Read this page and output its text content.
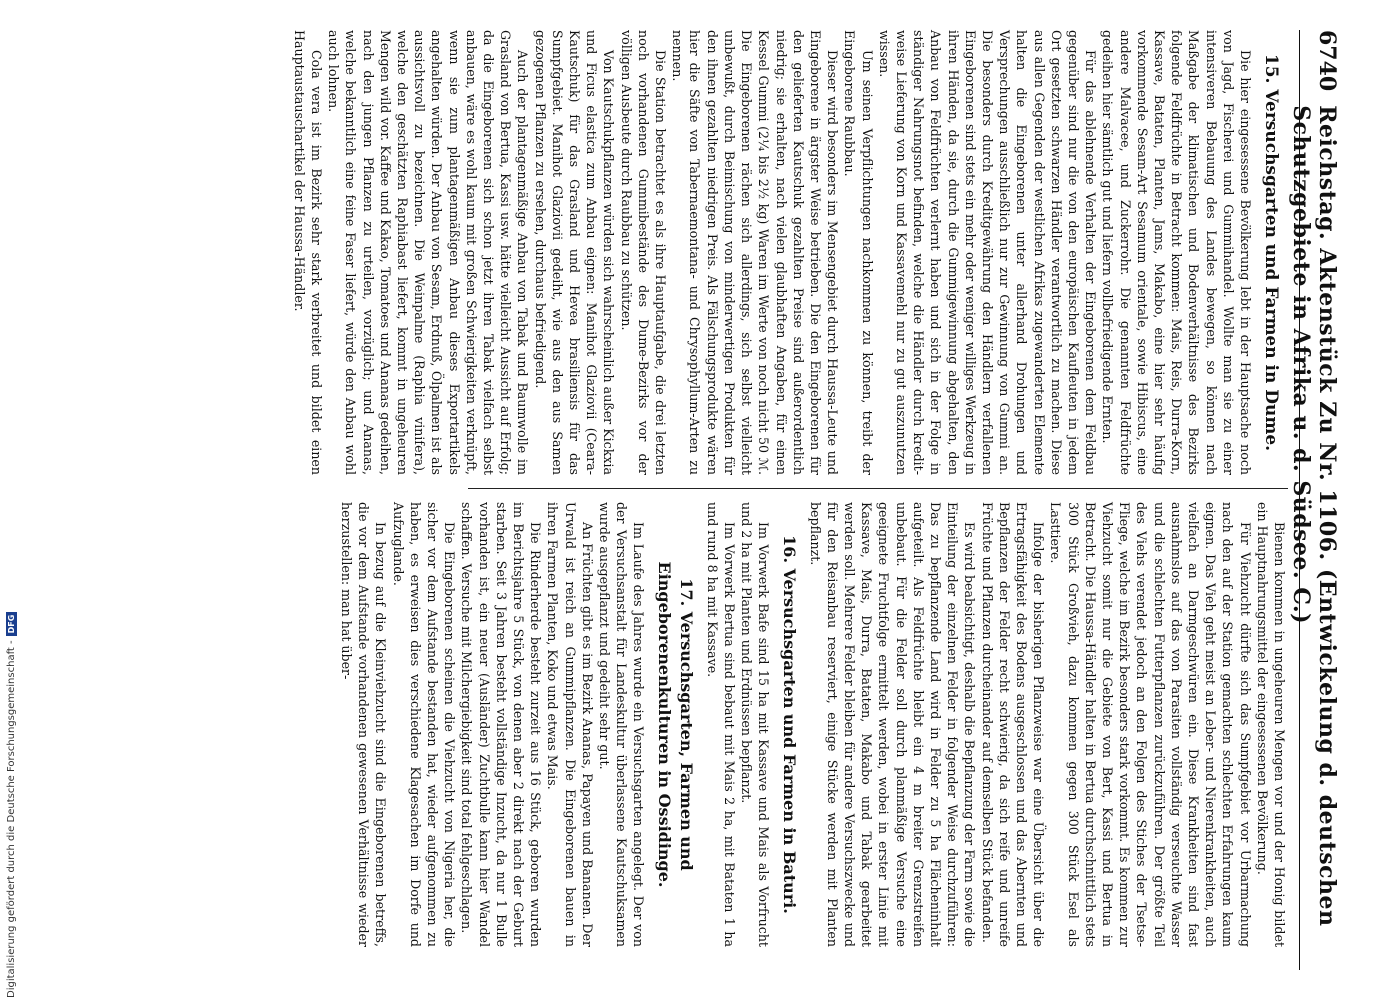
6740
Reichstag. Aktenstück Zu Nr. 1106. (Entwickelung d. deutschen Schutzgebiete in Afrika u. d. Südsee. C.)
15. Versuchsgarten und Farmen in Dume.

Die hier eingesessene Bevölkerung lebt in der Hauptsache noch von Jagd, Fischerei und Gummihandel. Wollte man sie zu einer intensiveren Bebauung des Landes bewegen, so können nach Maßgabe der klimatischen und Bodenverhältnisse des Bezirks folgende Feldfrüchte in Betracht kommen: Mais, Reis, Durra-Korn, Kassave, Bataten, Planten, Jams, Makabo, eine hier sehr häufig vorkommende Sesam-Art Sesamum orientale, sowie Hibiscus, eine andere Malvacee, und Zuckerrohr. Die genannten Feldfrüchte gedeihen hier sämtlich gut und liefern vollbefriedigende Ernten.

Für das ablehnende Verhalten der Eingeborenen dem Feldbau gegenüber sind nur die von den europäischen Kaufleuten in jedem Ort gesetzten schwarzen Händler verantwortlich zu machen. Diese aus allen Gegenden der westlichen Afrikas zugewanderten Elemente halten die Eingeborenen unter allerhand Drohungen und Versprechungen ausschließlich nur zur Gewinnung von Gummi an. Die besonders durch Kreditgewährung den Händlern verfallenen Eingeborenen sind stets ein mehr oder weniger williges Werkzeug in ihren Händen, da sie, durch die Gummigewinnung abgehalten, den Anbau von Feldfrüchten verlernt haben und sich in der Folge in ständiger Nahrungsnot befinden, welche die Händler durch kredit-weise Lieferung von Korn und Kassavemehl nur zu gut auszunutzen wissen.

Um seinen Verpflichtungen nachkommen zu können, treibt der Eingeborene Raubbau.

Dieser wird besonders im Mensengebiet durch Haussa-Leute und Eingeborene in ärgster Weise betrieben. Die den Eingeborenen für den gelieferten Kautschuk gezahlten Preise sind außerordentlich niedrig; sie erhalten, nach vielen glaubhaften Angaben, für einen Kessel Gummi (2¼ bis 2½ kg) Waren im Werte von noch nicht 50 ℳ. Die Eingeborenen rächen sich allerdings, sich selbst vielleicht unbewußt, durch Beimischung von minderwertigen Produkten für den ihnen gezahlten niedrigen Preis. Als Fälschungsprodukte wären hier die Säfte von Tabernaemontana- und Chrysophyllum-Arten zu nennen.

Die Station betrachtet es als ihre Hauptaufgabe, die drei letzten noch vorhandenen Gummibestände des Dume-Bezirks vor der völligen Ausbeute durch Raubbau zu schützen.

Von Kautschukpflanzen würden sich wahrscheinlich außer Kickxia und Ficus elastica zum Anbau eignen: Manihot Glaziovii (Ceara-Kautschuk) für das Grasland und Hevea brasiliensis für das Sumpfgebiet. Manihot Glaziovii gedeiht, wie aus den aus Samen gezogenen Pflanzen zu ersehen, durchaus befriedigend.

Auch der plantagenmäßige Anbau von Tabak und Baumwolle im Grasland von Bertua, Kassi usw. hätte vielleicht Aussicht auf Erfolg; da die Eingeborenen sich schon jetzt ihren Tabak vielfach selbst anbauen, wäre es wohl kaum mit großen Schwierigkeiten verknüpft, wenn sie zum plantagenmäßigen Anbau dieses Exportartikels angehalten würden. Der Anbau von Sesam, Erdnuß, Ölpalmen ist als aussichtsvoll zu bezeichnen. Die Weinpalme (Raphia vinifera), welche den geschätzten Raphiabast liefert, kommt in ungeheuren Mengen wild vor. Kaffee und Kakao, Tomatoes und Ananas gedeihen, nach den jungen Pflanzen zu urteilen, vorzüglich; und Ananas, welche bekanntlich eine feine Faser liefert, würde den Anbau wohl auch lohnen.

Cola vera ist im Bezirk sehr stark verbreitet und bildet einen Hauptaustauschartikel der Haussa-Händler.

Bienen kommen in ungeheuren Mengen vor und der Honig bildet ein Hauptnahrungsmittel der eingesessenen Bevölkerung.

Für Viehzucht dürfte sich das Sumpfgebiet vor Urbarmachung nach den auf der Station gemachten schlechten Erfahrungen kaum eignen. Das Vieh geht meist an Leber- und Nierenkrankheiten, auch vielfach an Darmgeschwüren ein. Diese Krankheiten sind fast ausnahmslos auf das von Parasiten vollständig verseuchte Wasser und die schlechten Futterpflanzen zurückzuführen. Der größte Teil des Viehs verendet jedoch an den Folgen des Stiches der Tsetse-Fliege, welche im Bezirk besonders stark vorkommt. Es kommen zur Viehzucht somit nur die Gebiete von Bert, Kassi und Bertua in Betracht. Die Haussa-Händler halten in Bertua durchschnittlich stets 300 Stück Großvieh, dazu kommen gegen 300 Stück Esel als Lasttiere.

Infolge der bisherigen Pflanzweise war eine Übersicht über die Ertragsfähigkeit des Bodens ausgeschlossen und das Abernten und Bepflanzen der Felder recht schwierig, da sich reife und unreife Früchte und Pflanzen durcheinander auf demselben Stück befanden.

Es wird beabsichtigt, deshalb die Bepflanzung der Farm sowie die Einteilung der einzelnen Felder in folgender Weise durchzuführen: Das zu bepflanzende Land wird in Felder zu 5 ha Flächeninhalt aufgeteilt. Als Feldfrüchte bleibt ein 4 m breiter Grenzstreifen unbebaut. Für die Felder soll durch planmäßige Versuche eine geeignete Fruchtfolge ermittelt werden, wobei in erster Linie mit Kassave, Mais, Durra, Bataten, Makabo und Tabak gearbeitet werden soll. Mehrere Felder bleiben für andere Versuchszwecke und für den Reisanbau reserviert, einige Stücke werden mit Planten bepflanzt.

16. Versuchsgarten und Farmen in Baturi.

Im Vorwerk Bafe sind 15 ha mit Kassave und Mais als Vorfrucht und 2 ha mit Planten und Erdnüssen bepflanzt.

Im Vorwerk Bertua sind bebaut mit Mais 2 ha, mit Bataten 1 ha und rund 8 ha mit Kassave.

17. Versuchsgarten, Farmen und Eingeborenenkulturen in Ossidinge.

Im Laufe des Jahres wurde ein Versuchsgarten angelegt. Der von der Versuchsanstalt für Landeskultur überlassene Kautschuksamen wurde ausgepflanzt und gedeiht sehr gut.

An Früchten gibt es im Bezirk Ananas, Papayen und Bananen. Der Urwald ist reich an Gummipflanzen. Die Eingeborenen bauen in ihren Farmen Planten, Koko und etwas Mais.

Die Rinderherde besteht zurzeit aus 16 Stück, geboren wurden im Berichtsjahre 5 Stück, von denen aber 2 direkt nach der Geburt starben. Seit 3 Jahren besteht vollständige Inzucht, da nur 1 Bulle vorhanden ist, ein neuer (Ausländer) Zuchtbulle kann hier Wandel schaffen. Versuche mit Milchergiebigkeit sind total fehlgeschlagen.

Die Eingeborenen scheinen die Viehzucht von Nigeria her, die sicher vor dem Aufstande bestanden hat, wieder aufgenommen zu haben, es erweisen dies verschiedene Klagesachen im Dorfe und Aufzuglande.

In bezug auf die Kleinviehzucht sind die Eingeborenen betreffs, die vor dem Aufstande vorhandenen gewesenen Verhältnisse wieder herzustellen: man hat über-

Digitalisierung gefördert durch die Deutsche Forschungsgemeinschaft -
DFG
